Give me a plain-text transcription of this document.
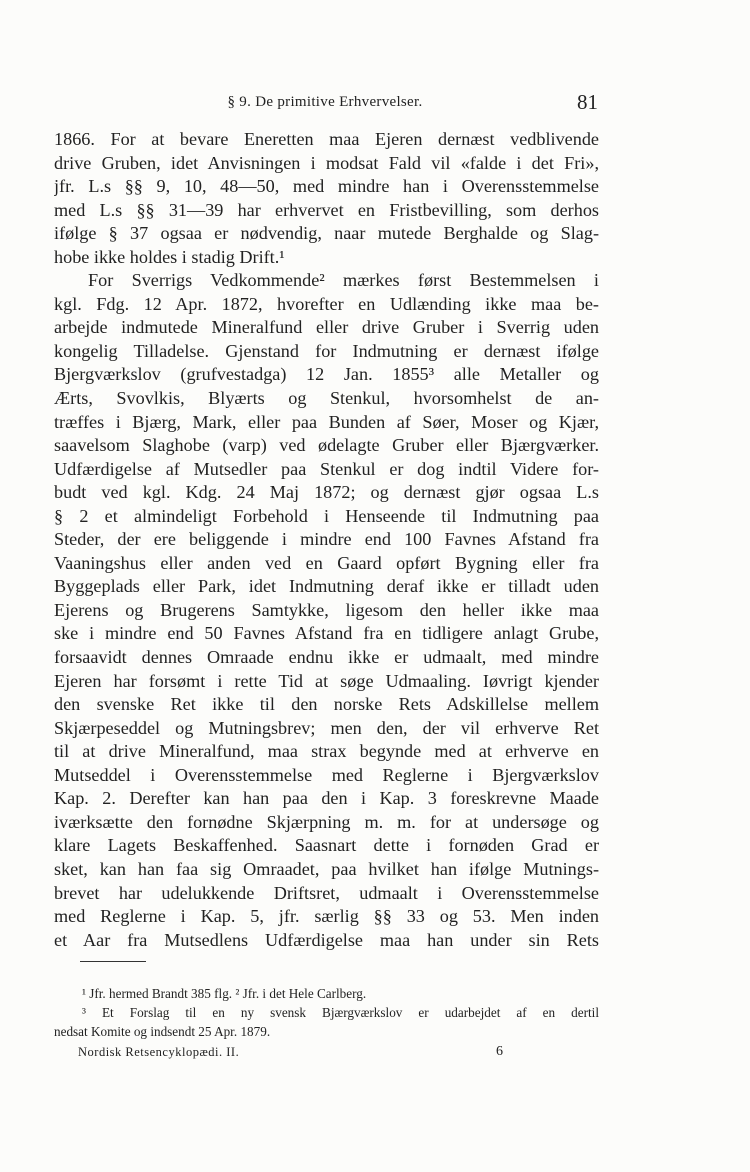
§ 9. De primitive Erhvervelser.	81
1866. For at bevare Eneretten maa Ejeren dernæst vedblivende
drive Gruben, idet Anvisningen i modsat Fald vil «falde i det Fri»,
jfr. L.s §§ 9, 10, 48—50, med mindre han i Overensstemmelse
med L.s §§ 31—39 har erhvervet en Fristbevilling, som derhos
ifølge § 37 ogsaa er nødvendig, naar mutede Berghalde og Slag-
hobe ikke holdes i stadig Drift.¹
For Sverrigs Vedkommende² mærkes først Bestemmelsen i
kgl. Fdg. 12 Apr. 1872, hvorefter en Udlænding ikke maa be-
arbejde indmutede Mineralfund eller drive Gruber i Sverrig uden
kongelig Tilladelse. Gjenstand for Indmutning er dernæst ifølge
Bjergværkslov (grufvestadga) 12 Jan. 1855³ alle Metaller og
Ærts, Svovlkis, Blyærts og Stenkul, hvorsomhelst de an-
træffes i Bjærg, Mark, eller paa Bunden af Søer, Moser og Kjær,
saavelsom Slaghobe (varp) ved ødelagte Gruber eller Bjærgværker.
Udfærdigelse af Mutsedler paa Stenkul er dog indtil Videre for-
budt ved kgl. Kdg. 24 Maj 1872; og dernæst gjør ogsaa L.s
§ 2 et almindeligt Forbehold i Henseende til Indmutning paa
Steder, der ere beliggende i mindre end 100 Favnes Afstand fra
Vaaningshus eller anden ved en Gaard opført Bygning eller fra
Byggeplads eller Park, idet Indmutning deraf ikke er tilladt uden
Ejerens og Brugerens Samtykke, ligesom den heller ikke maa
ske i mindre end 50 Favnes Afstand fra en tidligere anlagt Grube,
forsaavidt dennes Omraade endnu ikke er udmaalt, med mindre
Ejeren har forsømt i rette Tid at søge Udmaaling. Iøvrigt kjender
den svenske Ret ikke til den norske Rets Adskillelse mellem
Skjærpeseddel og Mutningsbrev; men den, der vil erhverve Ret
til at drive Mineralfund, maa strax begynde med at erhverve en
Mutseddel i Overensstemmelse med Reglerne i Bjergværkslov
Kap. 2. Derefter kan han paa den i Kap. 3 foreskrevne Maade
iværksætte den fornødne Skjærpning m. m. for at undersøge og
klare Lagets Beskaffenhed. Saasnart dette i fornøden Grad er
sket, kan han faa sig Omraadet, paa hvilket han ifølge Mutnings-
brevet har udelukkende Driftsret, udmaalt i Overensstemmelse
med Reglerne i Kap. 5, jfr. særlig §§ 33 og 53. Men inden
et Aar fra Mutsedlens Udfærdigelse maa han under sin Rets
¹ Jfr. hermed Brandt 385 flg. ² Jfr. i det Hele Carlberg.
³ Et Forslag til en ny svensk Bjærgværkslov er udarbejdet af en dertil
nedsat Komite og indsendt 25 Apr. 1879.
Nordisk Retsencyklopædi. II.	6
